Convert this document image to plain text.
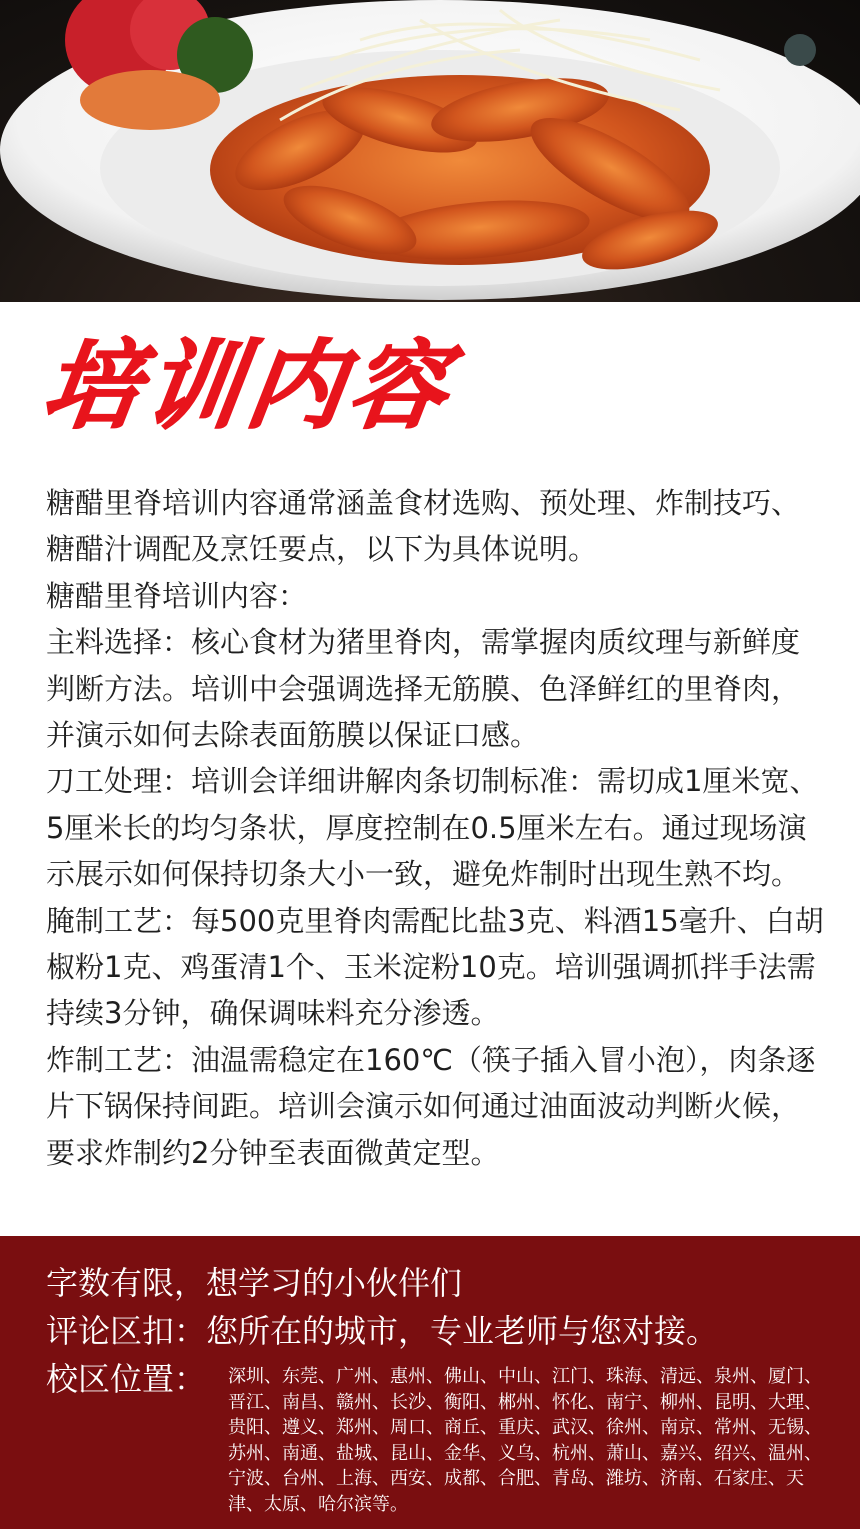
培训内容

糖醋里脊培训内容通常涵盖食材选购、预处理、炸制技巧、糖醋汁调配及烹饪要点，以下为具体说明。

糖醋里脊培训内容：

主料选择：核心食材为猪里脊肉，需掌握肉质纹理与新鲜度判断方法。培训中会强调选择无筋膜、色泽鲜红的里脊肉，并演示如何去除表面筋膜以保证口感。

刀工处理：培训会详细讲解肉条切制标准：需切成1厘米宽、5厘米长的均匀条状，厚度控制在0.5厘米左右。通过现场演示展示如何保持切条大小一致，避免炸制时出现生熟不均。

腌制工艺：每500克里脊肉需配比盐3克、料酒15毫升、白胡椒粉1克、鸡蛋清1个、玉米淀粉10克。培训强调抓拌手法需持续3分钟，确保调味料充分渗透。

炸制工艺：油温需稳定在160℃（筷子插入冒小泡），肉条逐片下锅保持间距。培训会演示如何通过油面波动判断火候，要求炸制约2分钟至表面微黄定型。

字数有限，想学习的小伙伴们
评论区扣：您所在的城市，专业老师与您对接。
校区位置： 深圳、东莞、广州、惠州、佛山、中山、江门、珠海、清远、泉州、厦门、晋江、南昌、赣州、长沙、衡阳、郴州、怀化、南宁、柳州、昆明、大理、贵阳、遵义、郑州、周口、商丘、重庆、武汉、徐州、南京、常州、无锡、苏州、南通、盐城、昆山、金华、义乌、杭州、萧山、嘉兴、绍兴、温州、宁波、台州、上海、西安、成都、合肥、青岛、潍坊、济南、石家庄、天津、太原、哈尔滨等。
